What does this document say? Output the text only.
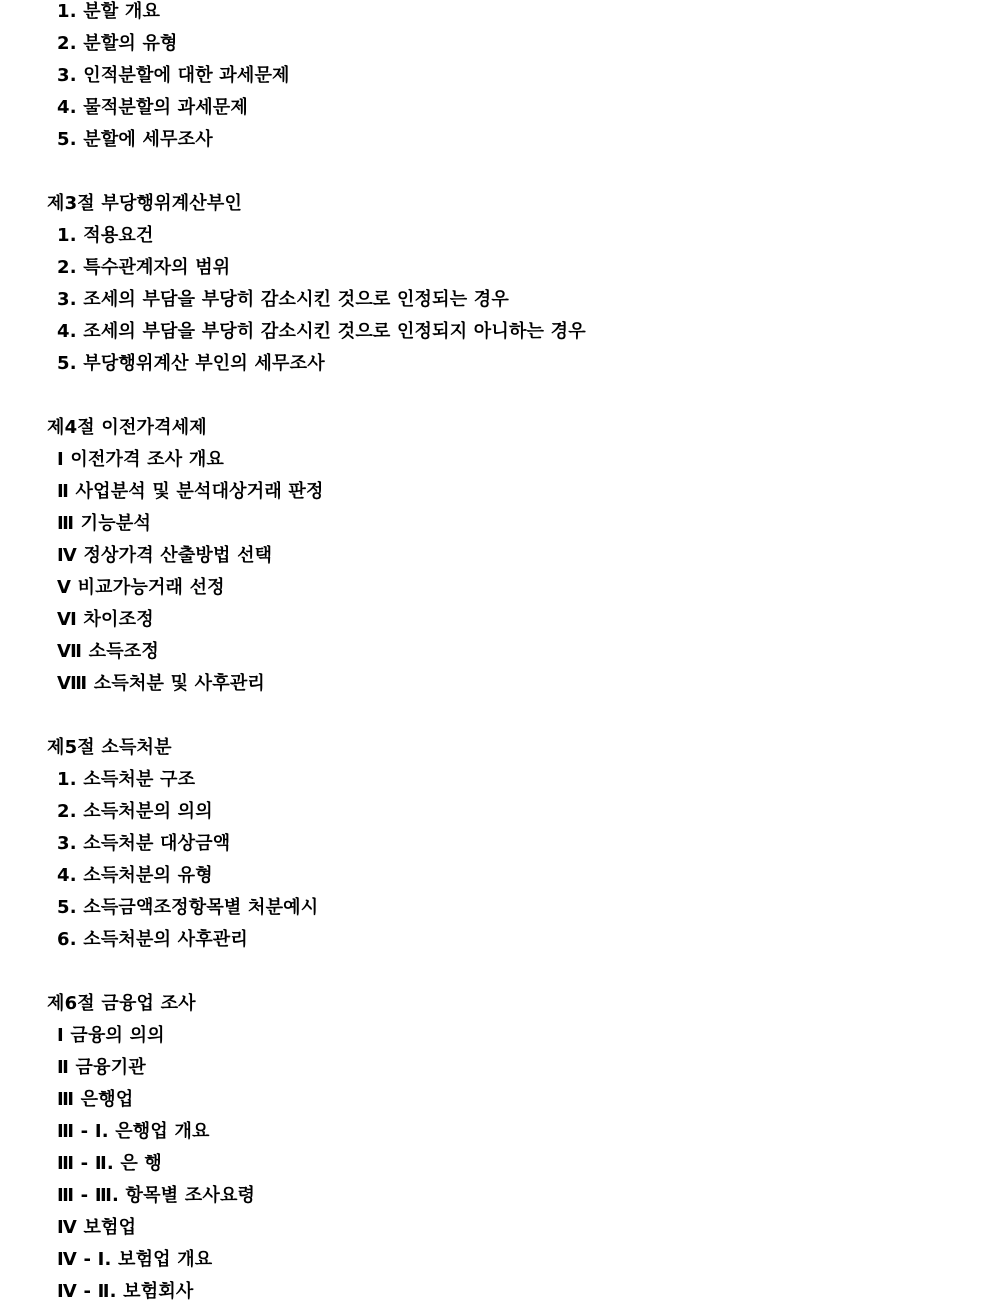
1. 분할 개요
2. 분할의 유형
3. 인적분할에 대한 과세문제
4. 물적분할의 과세문제
5. 분할에 세무조사
제3절 부당행위계산부인
1. 적용요건
2. 특수관계자의 범위
3. 조세의 부담을 부당히 감소시킨 것으로 인정되는 경우
4. 조세의 부담을 부당히 감소시킨 것으로 인정되지 아니하는 경우
5. 부당행위계산 부인의 세무조사
제4절 이전가격세제
Ⅰ 이전가격 조사 개요
Ⅱ 사업분석 및 분석대상거래 판정
Ⅲ 기능분석
Ⅳ 정상가격 산출방법 선택
Ⅴ 비교가능거래 선정
Ⅵ 차이조정
Ⅶ 소득조정
Ⅷ 소득처분 및 사후관리
제5절 소득처분
1. 소득처분 구조
2. 소득처분의 의의
3. 소득처분 대상금액
4. 소득처분의 유형
5. 소득금액조정항목별 처분예시
6. 소득처분의 사후관리
제6절 금융업 조사
Ⅰ 금융의 의의
Ⅱ 금융기관
Ⅲ 은행업
Ⅲ - Ⅰ. 은행업 개요
Ⅲ - Ⅱ. 은 행
Ⅲ - Ⅲ. 항목별 조사요령
Ⅳ 보험업
Ⅳ - Ⅰ. 보험업 개요
Ⅳ - Ⅱ. 보험회사
